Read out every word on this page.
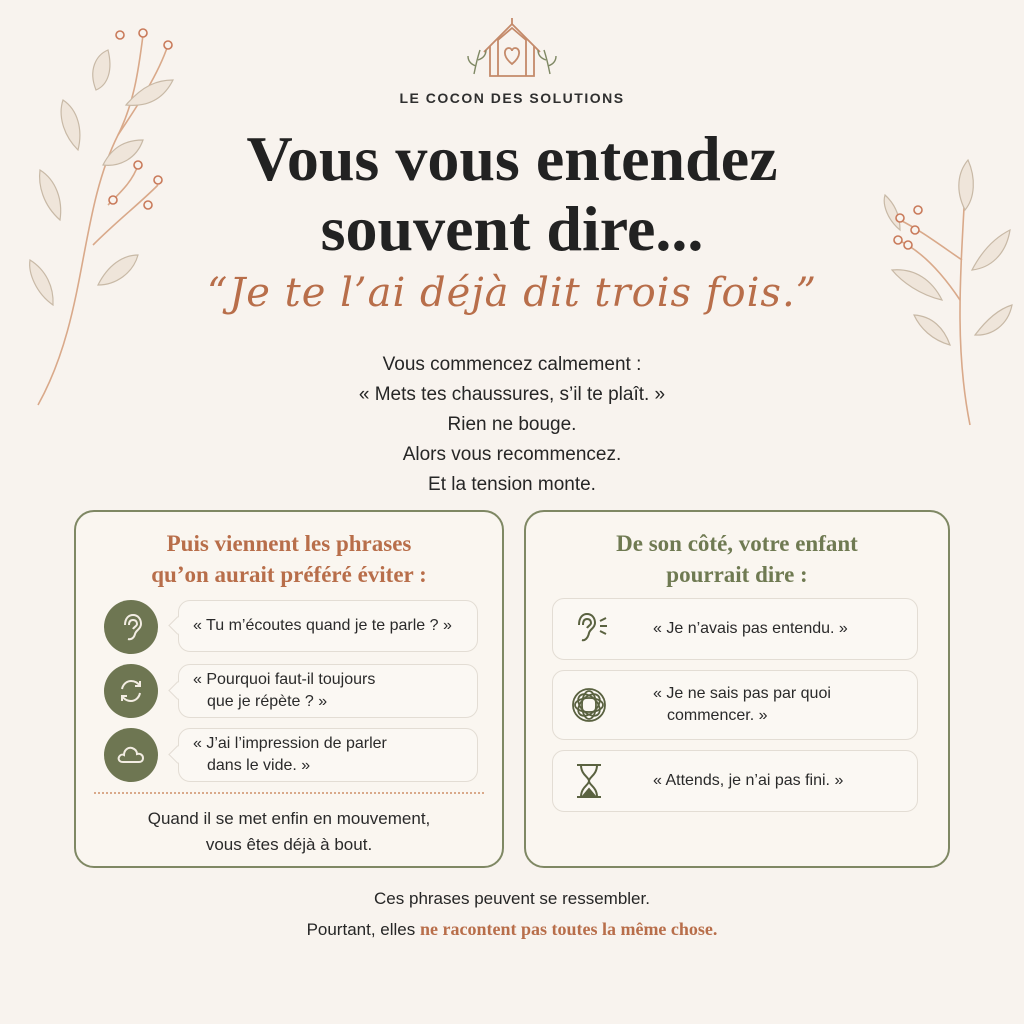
LE COCON DES SOLUTIONS
Vous vous entendez
souvent dire...
“Je te l’ai déjà dit trois fois.”
Vous commencez calmement :
« Mets tes chaussures, s’il te plaît. »
Rien ne bouge.
Alors vous recommencez.
Et la tension monte.
Puis viennent les phrases
qu’on aurait préféré éviter :
« Tu m’écoutes quand je te parle ? »
« Pourquoi faut-il toujours
que je répète ? »
« J’ai l’impression de parler
dans le vide. »
Quand il se met enfin en mouvement,
vous êtes déjà à bout.
De son côté, votre enfant
pourrait dire :
« Je n’avais pas entendu. »
« Je ne sais pas par quoi
commencer. »
« Attends, je n’ai pas fini. »
Ces phrases peuvent se ressembler.
Pourtant, elles ne racontent pas toutes la même chose.
